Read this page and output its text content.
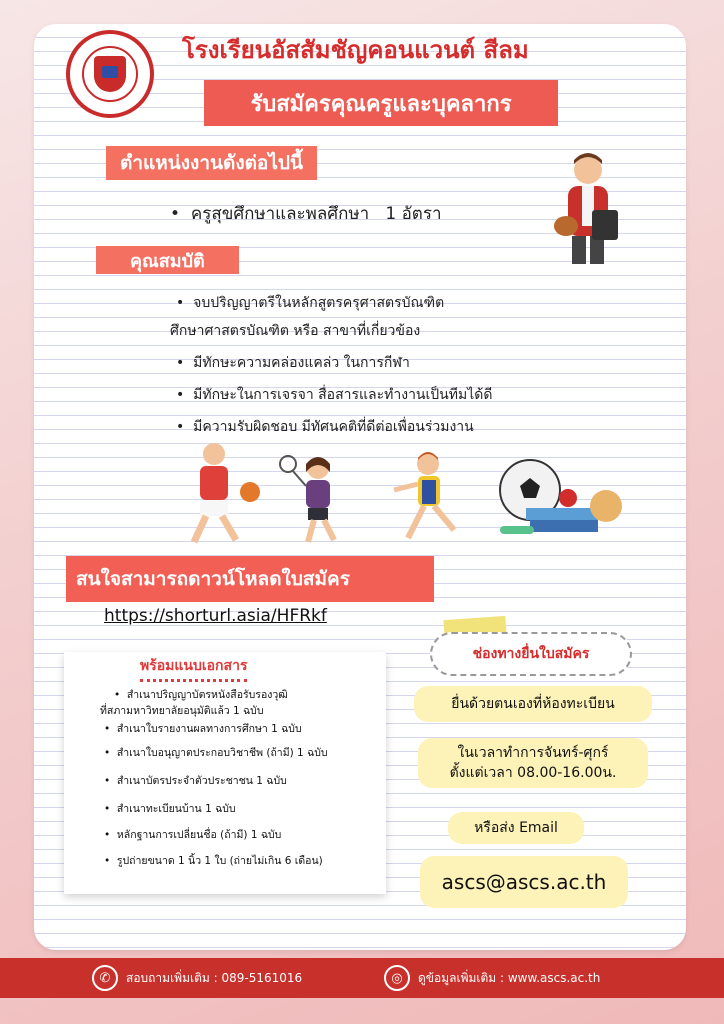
โรงเรียนอัสสัมชัญคอนแวนต์ สีลม
รับสมัครคุณครูและบุคลากร
ตำแหน่งงานดังต่อไปนี้
•  ครูสุขศึกษาและพลศึกษา 1 อัตรา
คุณสมบัติ
•  จบปริญญาตรีในหลักสูตรครุศาสตรบัณฑิต
ศึกษาศาสตรบัณฑิต หรือ สาขาที่เกี่ยวข้อง
•  มีทักษะความคล่องแคล่ว ในการกีฬา
•  มีทักษะในการเจรจา สื่อสารและทำงานเป็นทีมได้ดี
•  มีความรับผิดชอบ มีทัศนคติที่ดีต่อเพื่อนร่วมงาน
สนใจสามารถดาวน์โหลดใบสมัคร
https://shorturl.asia/HFRkf
พร้อมแนบเอกสาร
•  สำเนาปริญญาบัตรหนังสือรับรองวุฒิ
ที่สภามหาวิทยาลัยอนุมัติแล้ว 1 ฉบับ
•  สำเนาใบรายงานผลทางการศึกษา 1 ฉบับ
•  สำเนาใบอนุญาตประกอบวิชาชีพ (ถ้ามี) 1 ฉบับ
•  สำเนาบัตรประจำตัวประชาชน 1 ฉบับ
•  สำเนาทะเบียนบ้าน 1 ฉบับ
•  หลักฐานการเปลี่ยนชื่อ (ถ้ามี) 1 ฉบับ
•  รูปถ่ายขนาด 1 นิ้ว 1 ใบ (ถ่ายไม่เกิน 6 เดือน)
ช่องทางยื่นใบสมัคร
ยื่นด้วยตนเองที่ห้องทะเบียน
ในเวลาทำการจันทร์-ศุกร์
ตั้งแต่เวลา 08.00-16.00น.
หรือส่ง Email
ascs@ascs.ac.th
✆	สอบถามเพิ่มเติม : 089-5161016	◎	ดูข้อมูลเพิ่มเติม : www.ascs.ac.th
